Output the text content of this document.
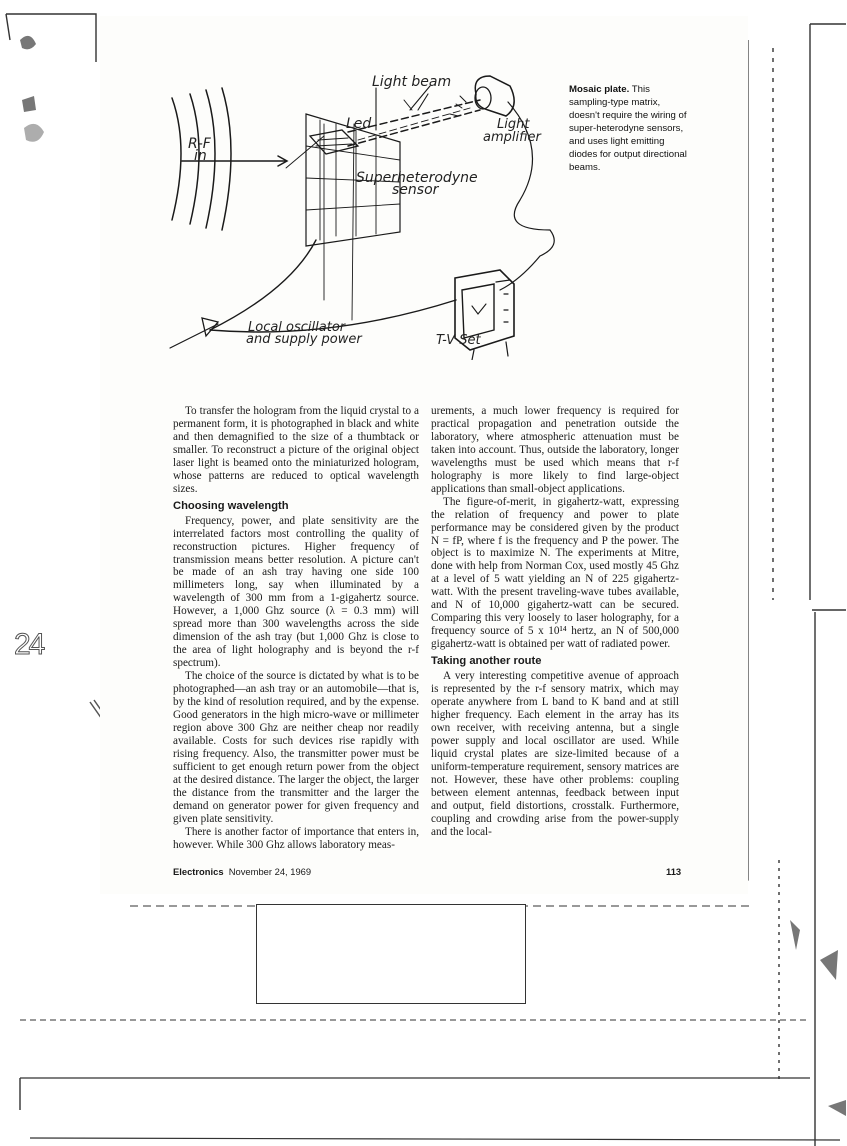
24
Light beam
Led	Light
amplifier
R-F
in
Superheterodyne
sensor
Local oscillator
and supply power	T-V Set
Mosaic plate. This sampling-type matrix, doesn't require the wiring of super-heterodyne sensors, and uses light emitting diodes for output directional beams.

To transfer the hologram from the liquid crystal to a permanent form, it is photographed in black and white and then demagnified to the size of a thumbtack or smaller. To reconstruct a picture of the original object laser light is beamed onto the miniaturized hologram, whose patterns are reduced to optical wavelength sizes.

Choosing wavelength

Frequency, power, and plate sensitivity are the interrelated factors most controlling the quality of reconstruction pictures. Higher frequency of transmission means better resolution. A picture can't be made of an ash tray having one side 100 millimeters long, say when illuminated by a wavelength of 300 mm from a 1-gigahertz source. However, a 1,000 Ghz source (λ = 0.3 mm) will spread more than 300 wavelengths across the side dimension of the ash tray (but 1,000 Ghz is close to the area of light holography and is beyond the r-f spectrum).

The choice of the source is dictated by what is to be photographed—an ash tray or an automobile—that is, by the kind of resolution required, and by the expense. Good generators in the high micro-wave or millimeter region above 300 Ghz are neither cheap nor readily available. Costs for such devices rise rapidly with rising frequency. Also, the transmitter power must be sufficient to get enough return power from the object at the desired distance. The larger the object, the larger the distance from the transmitter and the larger the demand on generator power for given frequency and given plate sensitivity.

There is another factor of importance that enters in, however. While 300 Ghz allows laboratory meas-

urements, a much lower frequency is required for practical propagation and penetration outside the laboratory, where atmospheric attenuation must be taken into account. Thus, outside the laboratory, longer wavelengths must be used which means that r-f holography is more likely to find large-object applications than small-object applications.

The figure-of-merit, in gigahertz-watt, expressing the relation of frequency and power to plate performance may be considered given by the product N = fP, where f is the frequency and P the power. The object is to maximize N. The experiments at Mitre, done with help from Norman Cox, used mostly 45 Ghz at a level of 5 watt yielding an N of 225 gigahertz-watt. With the present traveling-wave tubes available, and N of 10,000 gigahertz-watt can be secured. Comparing this very loosely to laser holography, for a frequency source of 5 x 10¹⁴ hertz, an N of 500,000 gigahertz-watt is obtained per watt of radiated power.

Taking another route

A very interesting competitive avenue of approach is represented by the r-f sensory matrix, which may operate anywhere from L band to K band and at still higher frequency. Each element in the array has its own receiver, with receiving antenna, but a single power supply and local oscillator are used. While liquid crystal plates are size-limited because of a uniform-temperature requirement, sensory matrices are not. However, these have other problems: coupling between element antennas, feedback between input and output, field distortions, crosstalk. Furthermore, coupling and crowding arise from the power-supply and the local-

Electronics November 24, 1969	113
